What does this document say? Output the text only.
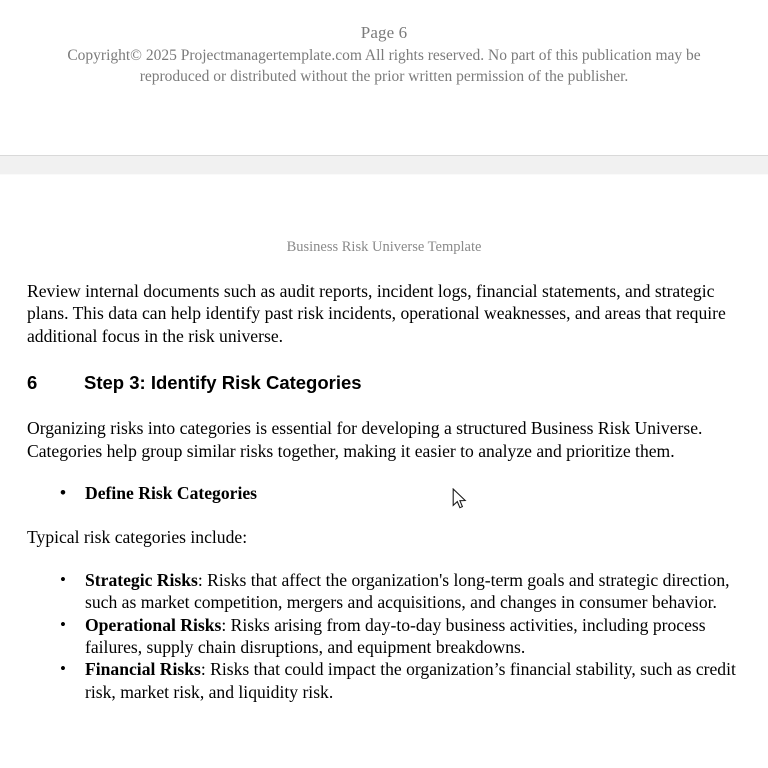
Page 6
Copyright© 2025 Projectmanagertemplate.com All rights reserved. No part of this publication may be reproduced or distributed without the prior written permission of the publisher.
Business Risk Universe Template

Review internal documents such as audit reports, incident logs, financial statements, and strategic plans. This data can help identify past risk incidents, operational weaknesses, and areas that require additional focus in the risk universe.

6	Step 3: Identify Risk Categories

Organizing risks into categories is essential for developing a structured Business Risk Universe. Categories help group similar risks together, making it easier to analyze and prioritize them.

• Define Risk Categories

Typical risk categories include:

• Strategic Risks: Risks that affect the organization's long-term goals and strategic direction, such as market competition, mergers and acquisitions, and changes in consumer behavior.
• Operational Risks: Risks arising from day-to-day business activities, including process failures, supply chain disruptions, and equipment breakdowns.
• Financial Risks: Risks that could impact the organization’s financial stability, such as credit risk, market risk, and liquidity risk.
